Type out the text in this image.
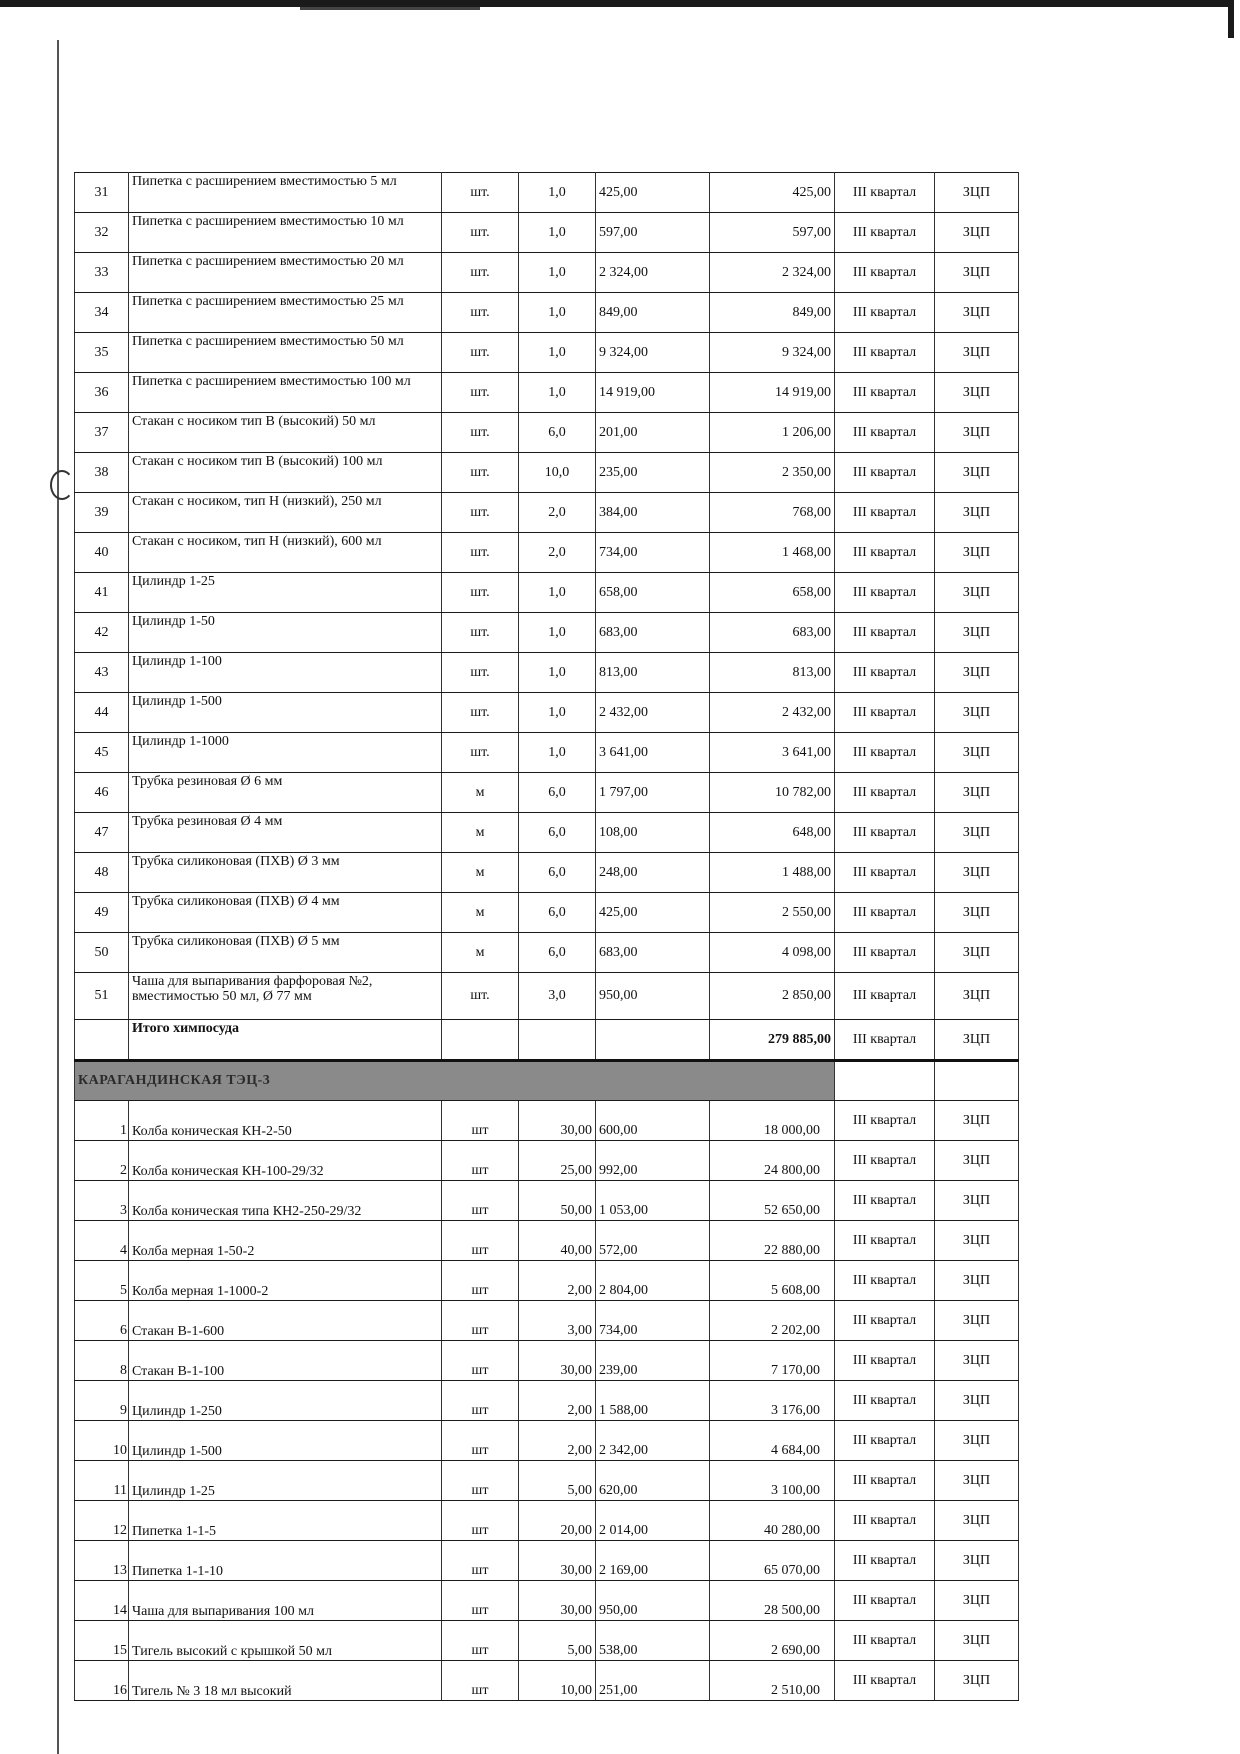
31	Пипетка с расширением вместимостью 5 мл	шт.	1,0	425,00	425,00	III квартал	ЗЦП
32	Пипетка с расширением вместимостью 10 мл	шт.	1,0	597,00	597,00	III квартал	ЗЦП
33	Пипетка с расширением вместимостью 20 мл	шт.	1,0	2 324,00	2 324,00	III квартал	ЗЦП
34	Пипетка с расширением вместимостью 25 мл	шт.	1,0	849,00	849,00	III квартал	ЗЦП
35	Пипетка с расширением вместимостью 50 мл	шт.	1,0	9 324,00	9 324,00	III квартал	ЗЦП
36	Пипетка с расширением вместимостью 100 мл	шт.	1,0	14 919,00	14 919,00	III квартал	ЗЦП
37	Стакан с носиком тип В (высокий) 50 мл	шт.	6,0	201,00	1 206,00	III квартал	ЗЦП
38	Стакан с носиком тип В (высокий) 100 мл	шт.	10,0	235,00	2 350,00	III квартал	ЗЦП
39	Стакан с носиком, тип Н (низкий), 250 мл	шт.	2,0	384,00	768,00	III квартал	ЗЦП
40	Стакан с носиком, тип Н (низкий), 600 мл	шт.	2,0	734,00	1 468,00	III квартал	ЗЦП
41	Цилиндр 1-25	шт.	1,0	658,00	658,00	III квартал	ЗЦП
42	Цилиндр 1-50	шт.	1,0	683,00	683,00	III квартал	ЗЦП
43	Цилиндр 1-100	шт.	1,0	813,00	813,00	III квартал	ЗЦП
44	Цилиндр 1-500	шт.	1,0	2 432,00	2 432,00	III квартал	ЗЦП
45	Цилиндр 1-1000	шт.	1,0	3 641,00	3 641,00	III квартал	ЗЦП
46	Трубка резиновая Ø 6 мм	м	6,0	1 797,00	10 782,00	III квартал	ЗЦП
47	Трубка резиновая Ø 4 мм	м	6,0	108,00	648,00	III квартал	ЗЦП
48	Трубка силиконовая (ПХВ) Ø 3 мм	м	6,0	248,00	1 488,00	III квартал	ЗЦП
49	Трубка силиконовая (ПХВ) Ø 4 мм	м	6,0	425,00	2 550,00	III квартал	ЗЦП
50	Трубка силиконовая (ПХВ) Ø 5 мм	м	6,0	683,00	4 098,00	III квартал	ЗЦП
51	Чаша для выпаривания фарфоровая №2, вместимостью 50 мл, Ø 77 мм	шт.	3,0	950,00	2 850,00	III квартал	ЗЦП
	Итого химпосуда				279 885,00	III квартал	ЗЦП
КАРАГАНДИНСКАЯ ТЭЦ-3							
1	Колба коническая КН-2-50	шт	30,00	600,00	18 000,00	III квартал	ЗЦП
2	Колба коническая КН-100-29/32	шт	25,00	992,00	24 800,00	III квартал	ЗЦП
3	Колба коническая типа КН2-250-29/32	шт	50,00	1 053,00	52 650,00	III квартал	ЗЦП
4	Колба мерная 1-50-2	шт	40,00	572,00	22 880,00	III квартал	ЗЦП
5	Колба мерная 1-1000-2	шт	2,00	2 804,00	5 608,00	III квартал	ЗЦП
6	Стакан В-1-600	шт	3,00	734,00	2 202,00	III квартал	ЗЦП
8	Стакан В-1-100	шт	30,00	239,00	7 170,00	III квартал	ЗЦП
9	Цилиндр 1-250	шт	2,00	1 588,00	3 176,00	III квартал	ЗЦП
10	Цилиндр 1-500	шт	2,00	2 342,00	4 684,00	III квартал	ЗЦП
11	Цилиндр 1-25	шт	5,00	620,00	3 100,00	III квартал	ЗЦП
12	Пипетка 1-1-5	шт	20,00	2 014,00	40 280,00	III квартал	ЗЦП
13	Пипетка 1-1-10	шт	30,00	2 169,00	65 070,00	III квартал	ЗЦП
14	Чаша для выпаривания 100 мл	шт	30,00	950,00	28 500,00	III квартал	ЗЦП
15	Тигель высокий с крышкой 50 мл	шт	5,00	538,00	2 690,00	III квартал	ЗЦП
16	Тигель № 3 18 мл высокий	шт	10,00	251,00	2 510,00	III квартал	ЗЦП
